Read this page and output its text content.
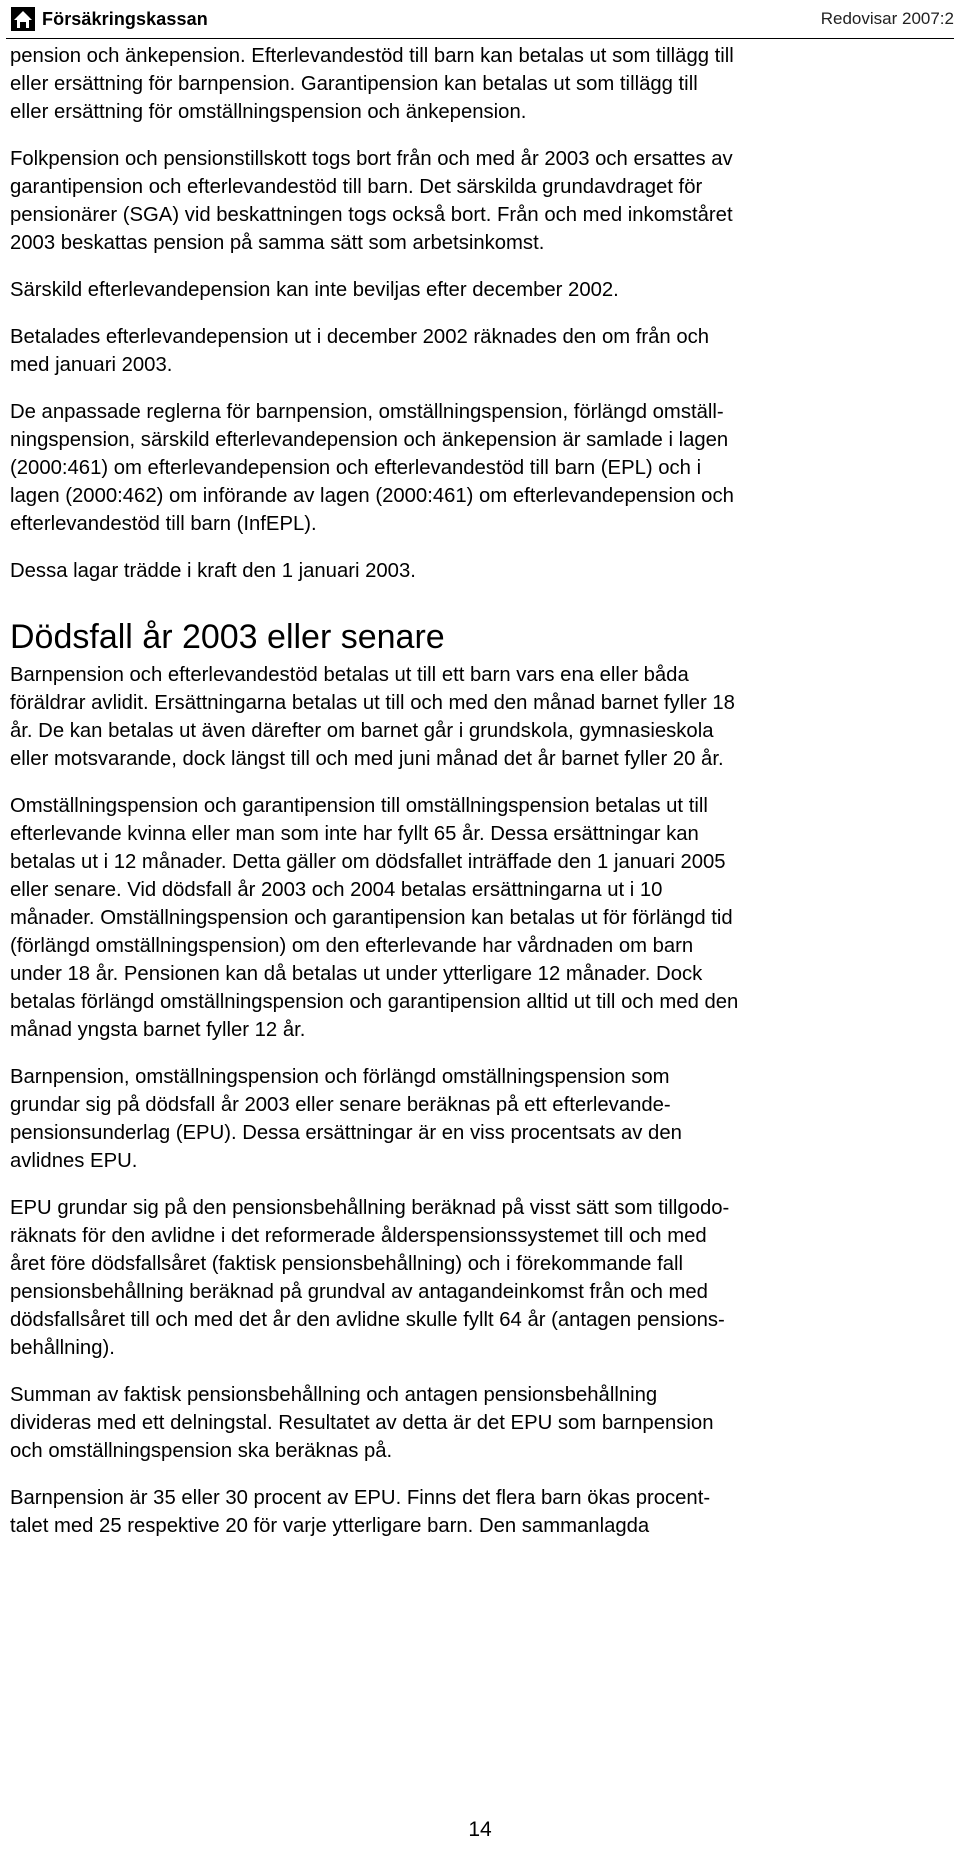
Försäkringskassan	Redovisar 2007:2

pension och änkepension. Efterlevandestöd till barn kan betalas ut som tillägg till
eller ersättning för barnpension. Garantipension kan betalas ut som tillägg till
eller ersättning för omställningspension och änkepension.

Folkpension och pensionstillskott togs bort från och med år 2003 och ersattes av
garantipension och efterlevandestöd till barn. Det särskilda grundavdraget för
pensionärer (SGA) vid beskattningen togs också bort. Från och med inkomståret
2003 beskattas pension på samma sätt som arbetsinkomst.

Särskild efterlevandepension kan inte beviljas efter december 2002.

Betalades efterlevandepension ut i december 2002 räknades den om från och
med januari 2003.

De anpassade reglerna för barnpension, omställningspension, förlängd omställ-
ningspension, särskild efterlevandepension och änkepension är samlade i lagen
(2000:461) om efterlevandepension och efterlevandestöd till barn (EPL) och i
lagen (2000:462) om införande av lagen (2000:461) om efterlevandepension och
efterlevandestöd till barn (InfEPL).

Dessa lagar trädde i kraft den 1 januari 2003.

Dödsfall år 2003 eller senare

Barnpension och efterlevandestöd betalas ut till ett barn vars ena eller båda
föräldrar avlidit. Ersättningarna betalas ut till och med den månad barnet fyller 18
år. De kan betalas ut även därefter om barnet går i grundskola, gymnasieskola
eller motsvarande, dock längst till och med juni månad det år barnet fyller 20 år.

Omställningspension och garantipension till omställningspension betalas ut till
efterlevande kvinna eller man som inte har fyllt 65 år. Dessa ersättningar kan
betalas ut i 12 månader. Detta gäller om dödsfallet inträffade den 1 januari 2005
eller senare. Vid dödsfall år 2003 och 2004 betalas ersättningarna ut i 10
månader. Omställningspension och garantipension kan betalas ut för förlängd tid
(förlängd omställningspension) om den efterlevande har vårdnaden om barn
under 18 år. Pensionen kan då betalas ut under ytterligare 12 månader. Dock
betalas förlängd omställningspension och garantipension alltid ut till och med den
månad yngsta barnet fyller 12 år.

Barnpension, omställningspension och förlängd omställningspension som
grundar sig på dödsfall år 2003 eller senare beräknas på ett efterlevande-
pensionsunderlag (EPU). Dessa ersättningar är en viss procentsats av den
avlidnes EPU.

EPU grundar sig på den pensionsbehållning beräknad på visst sätt som tillgodo-
räknats för den avlidne i det reformerade ålderspensionssystemet till och med
året före dödsfallsåret (faktisk pensionsbehållning) och i förekommande fall
pensionsbehållning beräknad på grundval av antagandeinkomst från och med
dödsfallsåret till och med det år den avlidne skulle fyllt 64 år (antagen pensions-
behållning).

Summan av faktisk pensionsbehållning och antagen pensionsbehållning
divideras med ett delningstal. Resultatet av detta är det EPU som barnpension
och omställningspension ska beräknas på.

Barnpension är 35 eller 30 procent av EPU. Finns det flera barn ökas procent-
talet med 25 respektive 20 för varje ytterligare barn. Den sammanlagda

14
